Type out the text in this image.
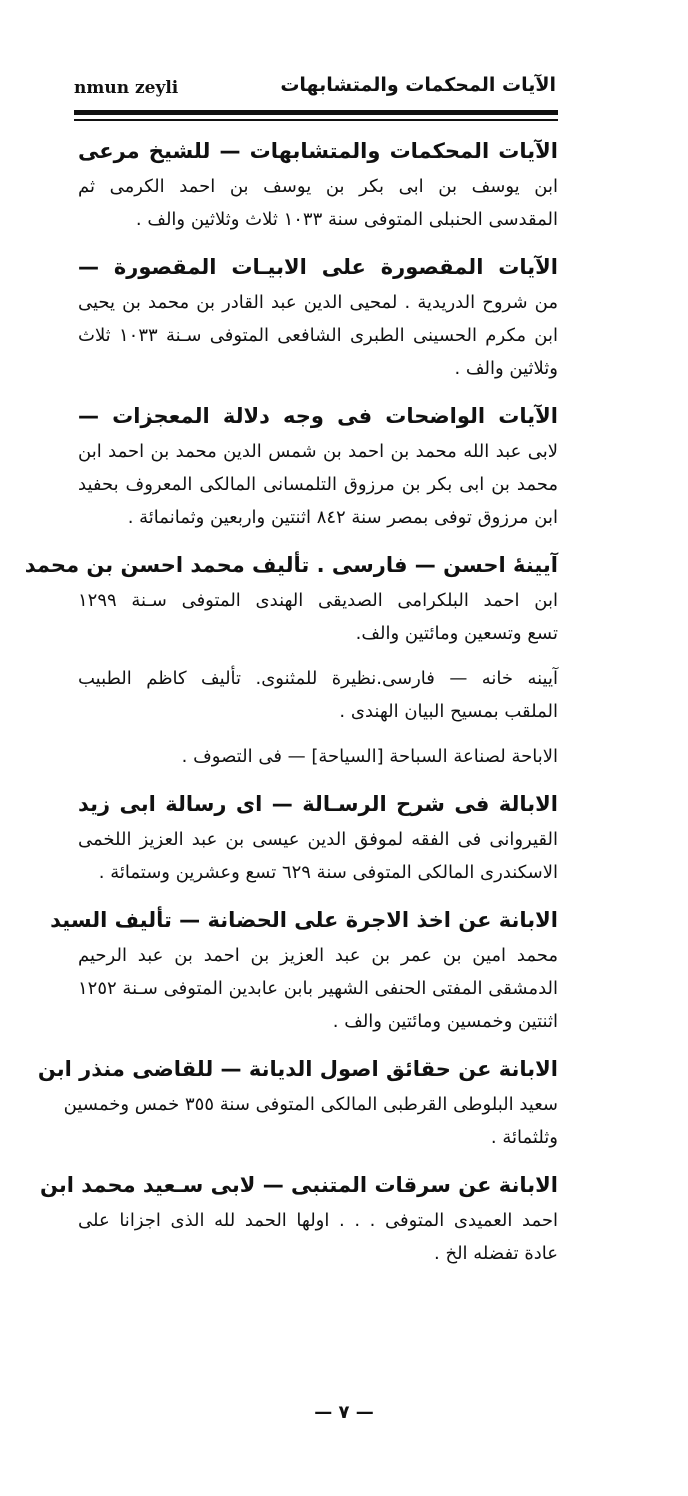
nmun zeyli	الآيات المحكمات والمتشابهات
الآيات المحكمات والمتشابهات — للشيخ مرعى
ابن يوسف بن ابى بكر بن يوسف بن احمد الكرمى ثم
المقدسى الحنبلى المتوفى سنة ١٠٣٣ ثلاث وثلاثين والف .
الآيات المقصورة على الابيـات المقصورة —
من شروح الدريدية . لمحيى الدين عبد القادر بن محمد بن يحيى
ابن مكرم الحسينى الطبرى الشافعى المتوفى سـنة ١٠٣٣ ثلاث
وثلاثين والف .
الآيات الواضحات فى وجه دلالة المعجزات —
لابى عبد الله محمد بن احمد بن شمس الدين محمد بن احمد ابن
محمد بن ابى بكر بن مرزوق التلمسانى المالكى المعروف بحفيد
ابن مرزوق توفى بمصر سنة ٨٤٢ اثنتين واربعين وثمانمائة .
آيينهٔ احسن — فارسى . تأليف محمد احسن بن محمد
ابن احمد البلكرامى الصديقى الهندى المتوفى سـنة ١٢٩٩
تسع وتسعين ومائتين والف.
آيينه خانه — فارسى.نظيرة للمثنوى. تأليف كاظم الطبيب
الملقب بمسيح البيان الهندى .
الاباحة لصناعة السباحة [السياحة] — فى التصوف .
الابالة فى شرح الرسـالة — اى رسالة ابى زيد
القيروانى فى الفقه لموفق الدين عيسى بن عبد العزيز اللخمى
الاسكندرى المالكى المتوفى سنة ٦٢٩ تسع وعشرين وستمائة .
الابانة عن اخذ الاجرة على الحضانة — تأليف السيد
محمد امين بن عمر بن عبد العزيز بن احمد بن عبد الرحيم
الدمشقى المفتى الحنفى الشهير بابن عابدين المتوفى سـنة ١٢٥٢
اثنتين وخمسين ومائتين والف .
الابانة عن حقائق اصول الديانة — للقاضى منذر ابن
سعيد البلوطى القرطبى المالكى المتوفى سنة ٣٥٥ خمس وخمسين
وثلثمائة .
الابانة عن سرقات المتنبى — لابى سـعيد محمد ابن
احمد العميدى المتوفى . . . اولها الحمد لله الذى اجزانا على
عادة تفضله الخ .
— ٧ —
